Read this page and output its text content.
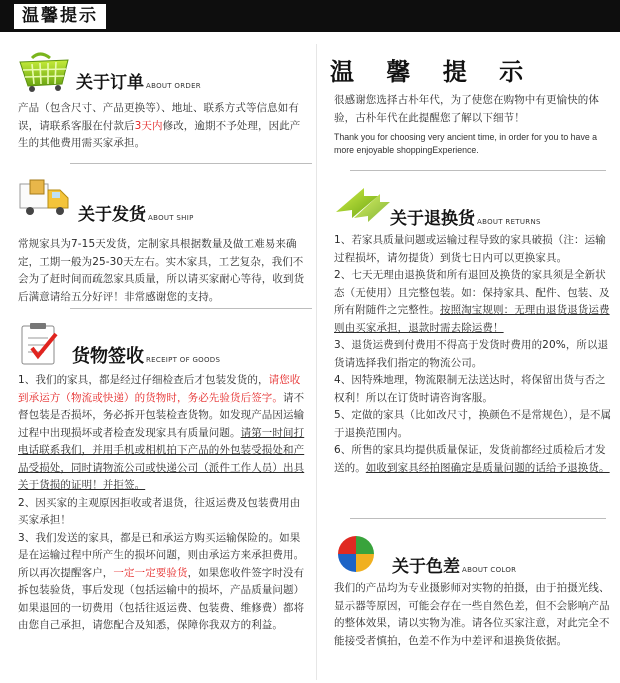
温馨提示
关于订单 ABOUT ORDER
产品（包含尺寸、产品更换等）、地址、联系方式等信息如有误，请联系客服在付款后3天内修改，逾期不予处理，因此产生的其他费用需买家承担。
关于发货 ABOUT SHIP
常规家具为7-15天发货，定制家具根据数量及做工难易来确定，工期一般为25-30天左右。实木家具，工艺复杂，我们不会为了赶时间而疏忽家具质量，所以请买家耐心等待，收到货后满意请给五分好评！非常感谢您的支持。
货物签收 RECEIPT OF GOODS
1、我们的家具，都是经过仔细检查后才包装发货的，请您收到承运方（物流或快递）的货物时，务必先验货后签字。请不督包装是否损坏，务必拆开包装检查货物。如发现产品因运输过程中出现损坏或者检查发现家具有质量问题。请第一时间打电话联系我们，并用手机或相机拍下产品的外包装受损处和产品受损处，同时请物流公司或快递公司（派件工作人员）出具关于货损的证明！并拒签。
2、因买家的主观原因拒收或者退货，往返运费及包装费用由买家承担！
3、我们发送的家具，都是已和承运方购买运输保险的。如果是在运输过程中所产生的损坏问题，则由承运方来承担费用。所以再次提醒客户，一定一定要验货，如果您收件签字时没有拆包装验货，事后发现（包括运输中的损坏，产品质量问题）如果退回的一切费用（包括往返运费、包装费、维修费）都将由您自己承担，请您配合及知悉，保障你我双方的利益。
温 馨 提 示
很感谢您选择古朴年代，为了使您在购物中有更愉快的体验，古朴年代在此提醒您了解以下细节！
Thank you for choosing very ancient time, in order for you to have a more enjoyable shoppingExperience.
关于退换货 ABOUT RETURNS
1、若家具质量问题或运输过程导致的家具破损（注：运输过程损坏，请勿提货）到货七日内可以更换家具。
2、七天无理由退换货和所有退回及换货的家具须是全新状态（无使用）且完整包装。如：保持家具、配件、包装、及所有附随件之完整性。按照淘宝规则：无理由退货退货运费则由买家承担，退款时需去除运费！
3、退货运费到付费用不得高于发货时费用的20%，所以退货请选择我们指定的物流公司。
4、因特殊地理，物流限制无法送达时，将保留出货与否之权利！所以在订货时请咨询客服。
5、定做的家具（比如改尺寸，换颜色不是常规色），是不属于退换范围内。
6、所售的家具均提供质量保证，发货前都经过质检后才发送的。如收到家具经拍图确定是质量问题的话给予退换货。
关于色差 ABOUT COLOR
我们的产品均为专业摄影师对实物的拍摄，由于拍摄光线、显示器等原因，可能会存在一些自然色差，但不会影响产品的整体效果，请以实物为准。请各位买家注意，对此完全不能接受者慎拍，色差不作为中差评和退换货依据。
